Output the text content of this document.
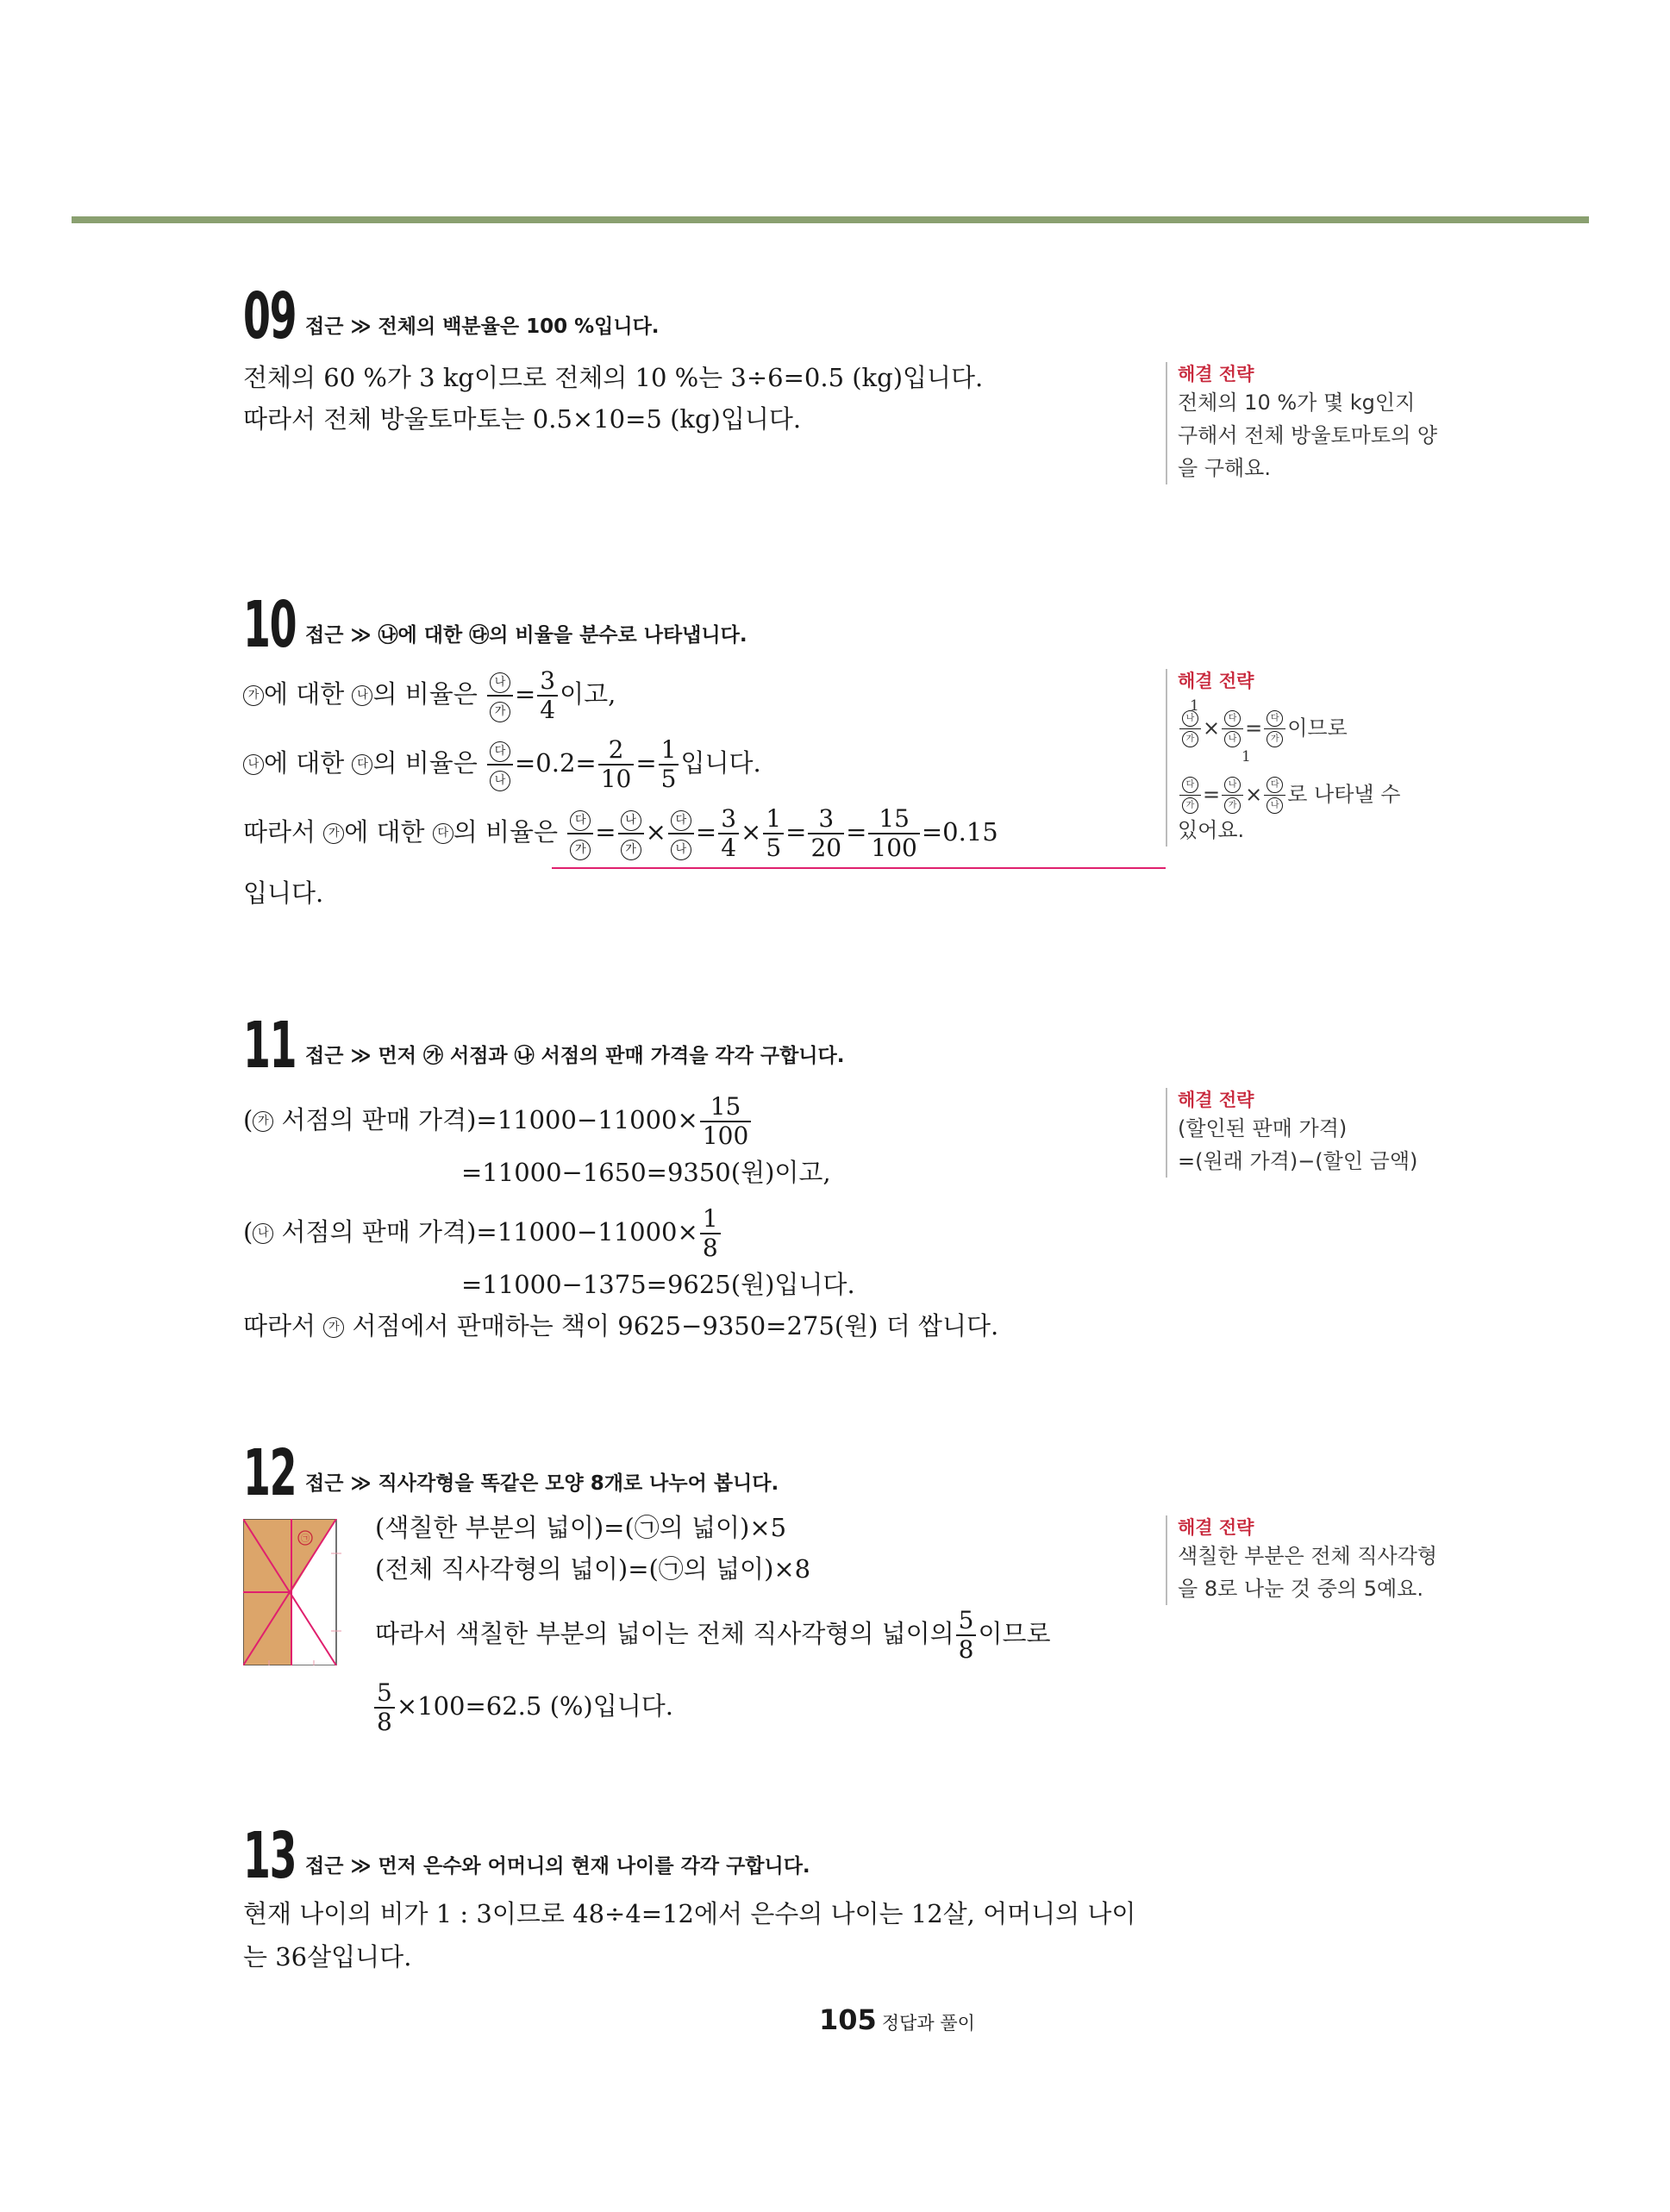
09 접근 ≫ 전체의 백분율은 100 %입니다.
전체의 60 %가 3 kg이므로 전체의 10 %는 3÷6=0.5 (kg)입니다.
따라서 전체 방울토마토는 0.5×10=5 (kg)입니다.
해결 전략
전체의 10 %가 몇 kg인지
구해서 전체 방울토마토의 양
을 구해요.
10 접근 ≫ ㉯에 대한 ㉰의 비율을 분수로 나타냅니다.
가 에 대한 나 의 비율은 $\frac{\text{나}}{\text{가}} = \frac{3}{4}$ 이고,
나 에 대한 다 의 비율은 $\frac{\text{다}}{\text{나}} =0.2= \frac{2}{10} = \frac{1}{5}$ 입니다.
따라서 가 에 대한 다 의 비율은 $\frac{\text{다}}{\text{가}} = \frac{\text{나}}{\text{가}} \times \frac{\text{다}}{\text{나}} = \frac{3}{4} \times \frac{1}{5} = \frac{3}{20} = \frac{15}{100} =0.15$
입니다.
해결 전략
1
$\frac{\text{나}}{\text{가}} \times \frac{\text{다}}{\text{나}} = \frac{\text{다}}{\text{가}}$ 이므로
1
$\frac{\text{다}}{\text{가}} = \frac{\text{나}}{\text{가}} \times \frac{\text{다}}{\text{나}}$ 로 나타낼 수
있어요.
11 접근 ≫ 먼저 ㉮ 서점과 ㉯ 서점의 판매 가격을 각각 구합니다.
( 가 서점의 판매 가격)$=11000-11000\times \frac{15}{100}$
=11000−1650=9350(원)이고,
( 나 서점의 판매 가격)$=11000-11000\times \frac{1}{8}$
=11000−1375=9625(원)입니다.
따라서 가 서점에서 판매하는 책이 9625−9350=275(원) 더 쌉니다.
해결 전략
(할인된 판매 가격)
=(원래 가격)−(할인 금액)
12 접근 ≫ 직사각형을 똑같은 모양 8개로 나누어 봅니다.
㉠	(색칠한 부분의 넓이)=(㉠의 넓이)×5
(전체 직사각형의 넓이)=(㉠의 넓이)×8
따라서 색칠한 부분의 넓이는 전체 직사각형의 넓이의 $\frac{5}{8}$ 이므로
$\frac{5}{8} \times 100=62.5$ (%)입니다.
해결 전략
색칠한 부분은 전체 직사각형
을 8로 나눈 것 중의 5예요.
13 접근 ≫ 먼저 은수와 어머니의 현재 나이를 각각 구합니다.
현재 나이의 비가 1 : 3이므로 48÷4=12에서 은수의 나이는 12살, 어머니의 나이
는 36살입니다.
105 정답과 풀이
